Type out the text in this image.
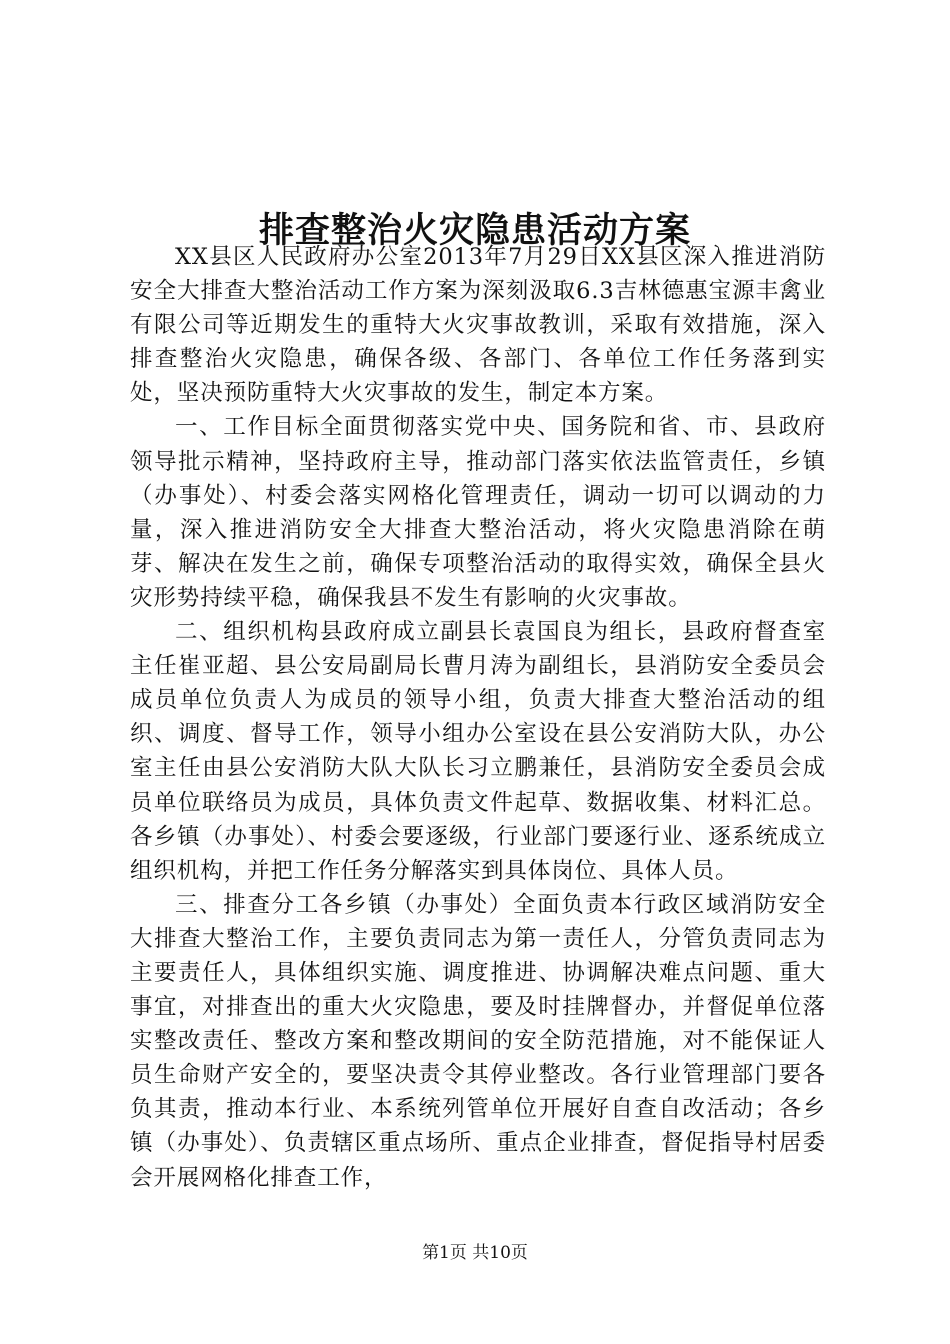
排查整治火灾隐患活动方案

XX县区人民政府办公室2013年7月29日XX县区深入推进消防安全大排查大整治活动工作方案为深刻汲取6.3吉林德惠宝源丰禽业有限公司等近期发生的重特大火灾事故教训，采取有效措施，深入排查整治火灾隐患，确保各级、各部门、各单位工作任务落到实处，坚决预防重特大火灾事故的发生，制定本方案。

一、工作目标全面贯彻落实党中央、国务院和省、市、县政府领导批示精神，坚持政府主导，推动部门落实依法监管责任，乡镇（办事处）、村委会落实网格化管理责任，调动一切可以调动的力量，深入推进消防安全大排查大整治活动，将火灾隐患消除在萌芽、解决在发生之前，确保专项整治活动的取得实效，确保全县火灾形势持续平稳，确保我县不发生有影响的火灾事故。

二、组织机构县政府成立副县长袁国良为组长，县政府督查室主任崔亚超、县公安局副局长曹月涛为副组长，县消防安全委员会成员单位负责人为成员的领导小组，负责大排查大整治活动的组织、调度、督导工作，领导小组办公室设在县公安消防大队，办公室主任由县公安消防大队大队长习立鹏兼任，县消防安全委员会成员单位联络员为成员，具体负责文件起草、数据收集、材料汇总。各乡镇（办事处）、村委会要逐级，行业部门要逐行业、逐系统成立组织机构，并把工作任务分解落实到具体岗位、具体人员。

三、排查分工各乡镇（办事处）全面负责本行政区域消防安全大排查大整治工作，主要负责同志为第一责任人，分管负责同志为主要责任人，具体组织实施、调度推进、协调解决难点问题、重大事宜，对排查出的重大火灾隐患，要及时挂牌督办，并督促单位落实整改责任、整改方案和整改期间的安全防范措施，对不能保证人员生命财产安全的，要坚决责令其停业整改。各行业管理部门要各负其责，推动本行业、本系统列管单位开展好自查自改活动；各乡镇（办事处）、负责辖区重点场所、重点企业排查，督促指导村居委会开展网格化排查工作，

第1页 共10页
